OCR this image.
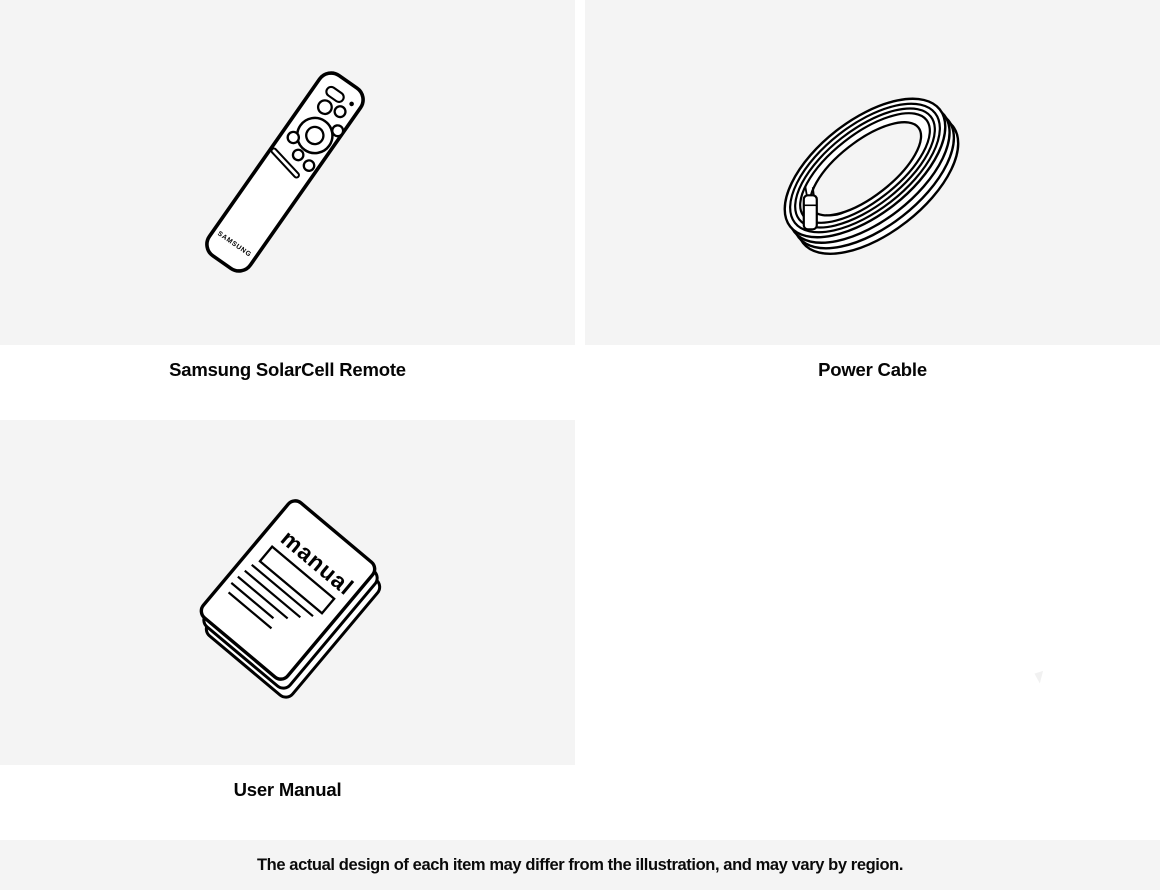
SAMSUNG
Samsung SolarCell Remote	Power Cable
manual
User Manual
The actual design of each item may differ from the illustration, and may vary by region.
